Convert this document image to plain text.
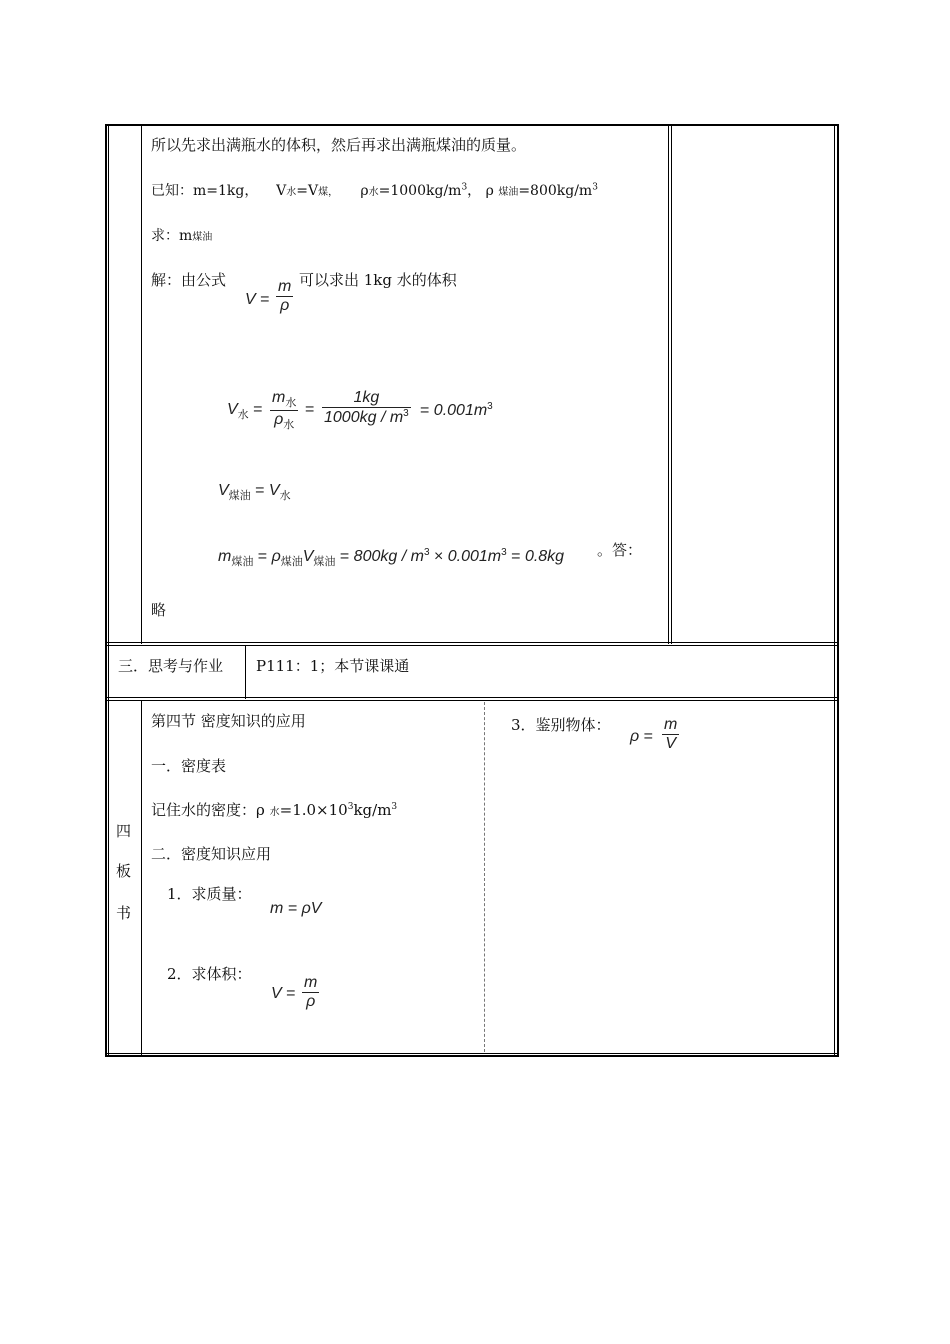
所以先求出满瓶水的体积，然后再求出满瓶煤油的质量。
已知：m=1kg， V水=V煤， ρ水$=1000kg/m^3$， ρ 煤油$=800kg/m^3$
求：m煤油
解：由公式	可以求出 1kg 水的体积
V =
m
ρ
$V_水$ =
$m_水$
$\rho_水$
=
1kg
$1000kg / m^3 = 0.001m^3$
$V_{煤油} = V_水$
$m_{煤油} = \rho_{煤油}V_{煤油} = 800kg / m^3 \times 0.001m^3 = 0.8kg$ 。答：
略
三．思考与作业 P111：1；本节课课通
四
板
书
第四节 密度知识的应用
一．密度表
记住水的密度：ρ 水$=1.0\times 10^3kg/m^3$
二．密度知识应用
1．求质量：
m = ρV
2．求体积：
V =
m
ρ
3．鉴别物体：
ρ =
m
V
